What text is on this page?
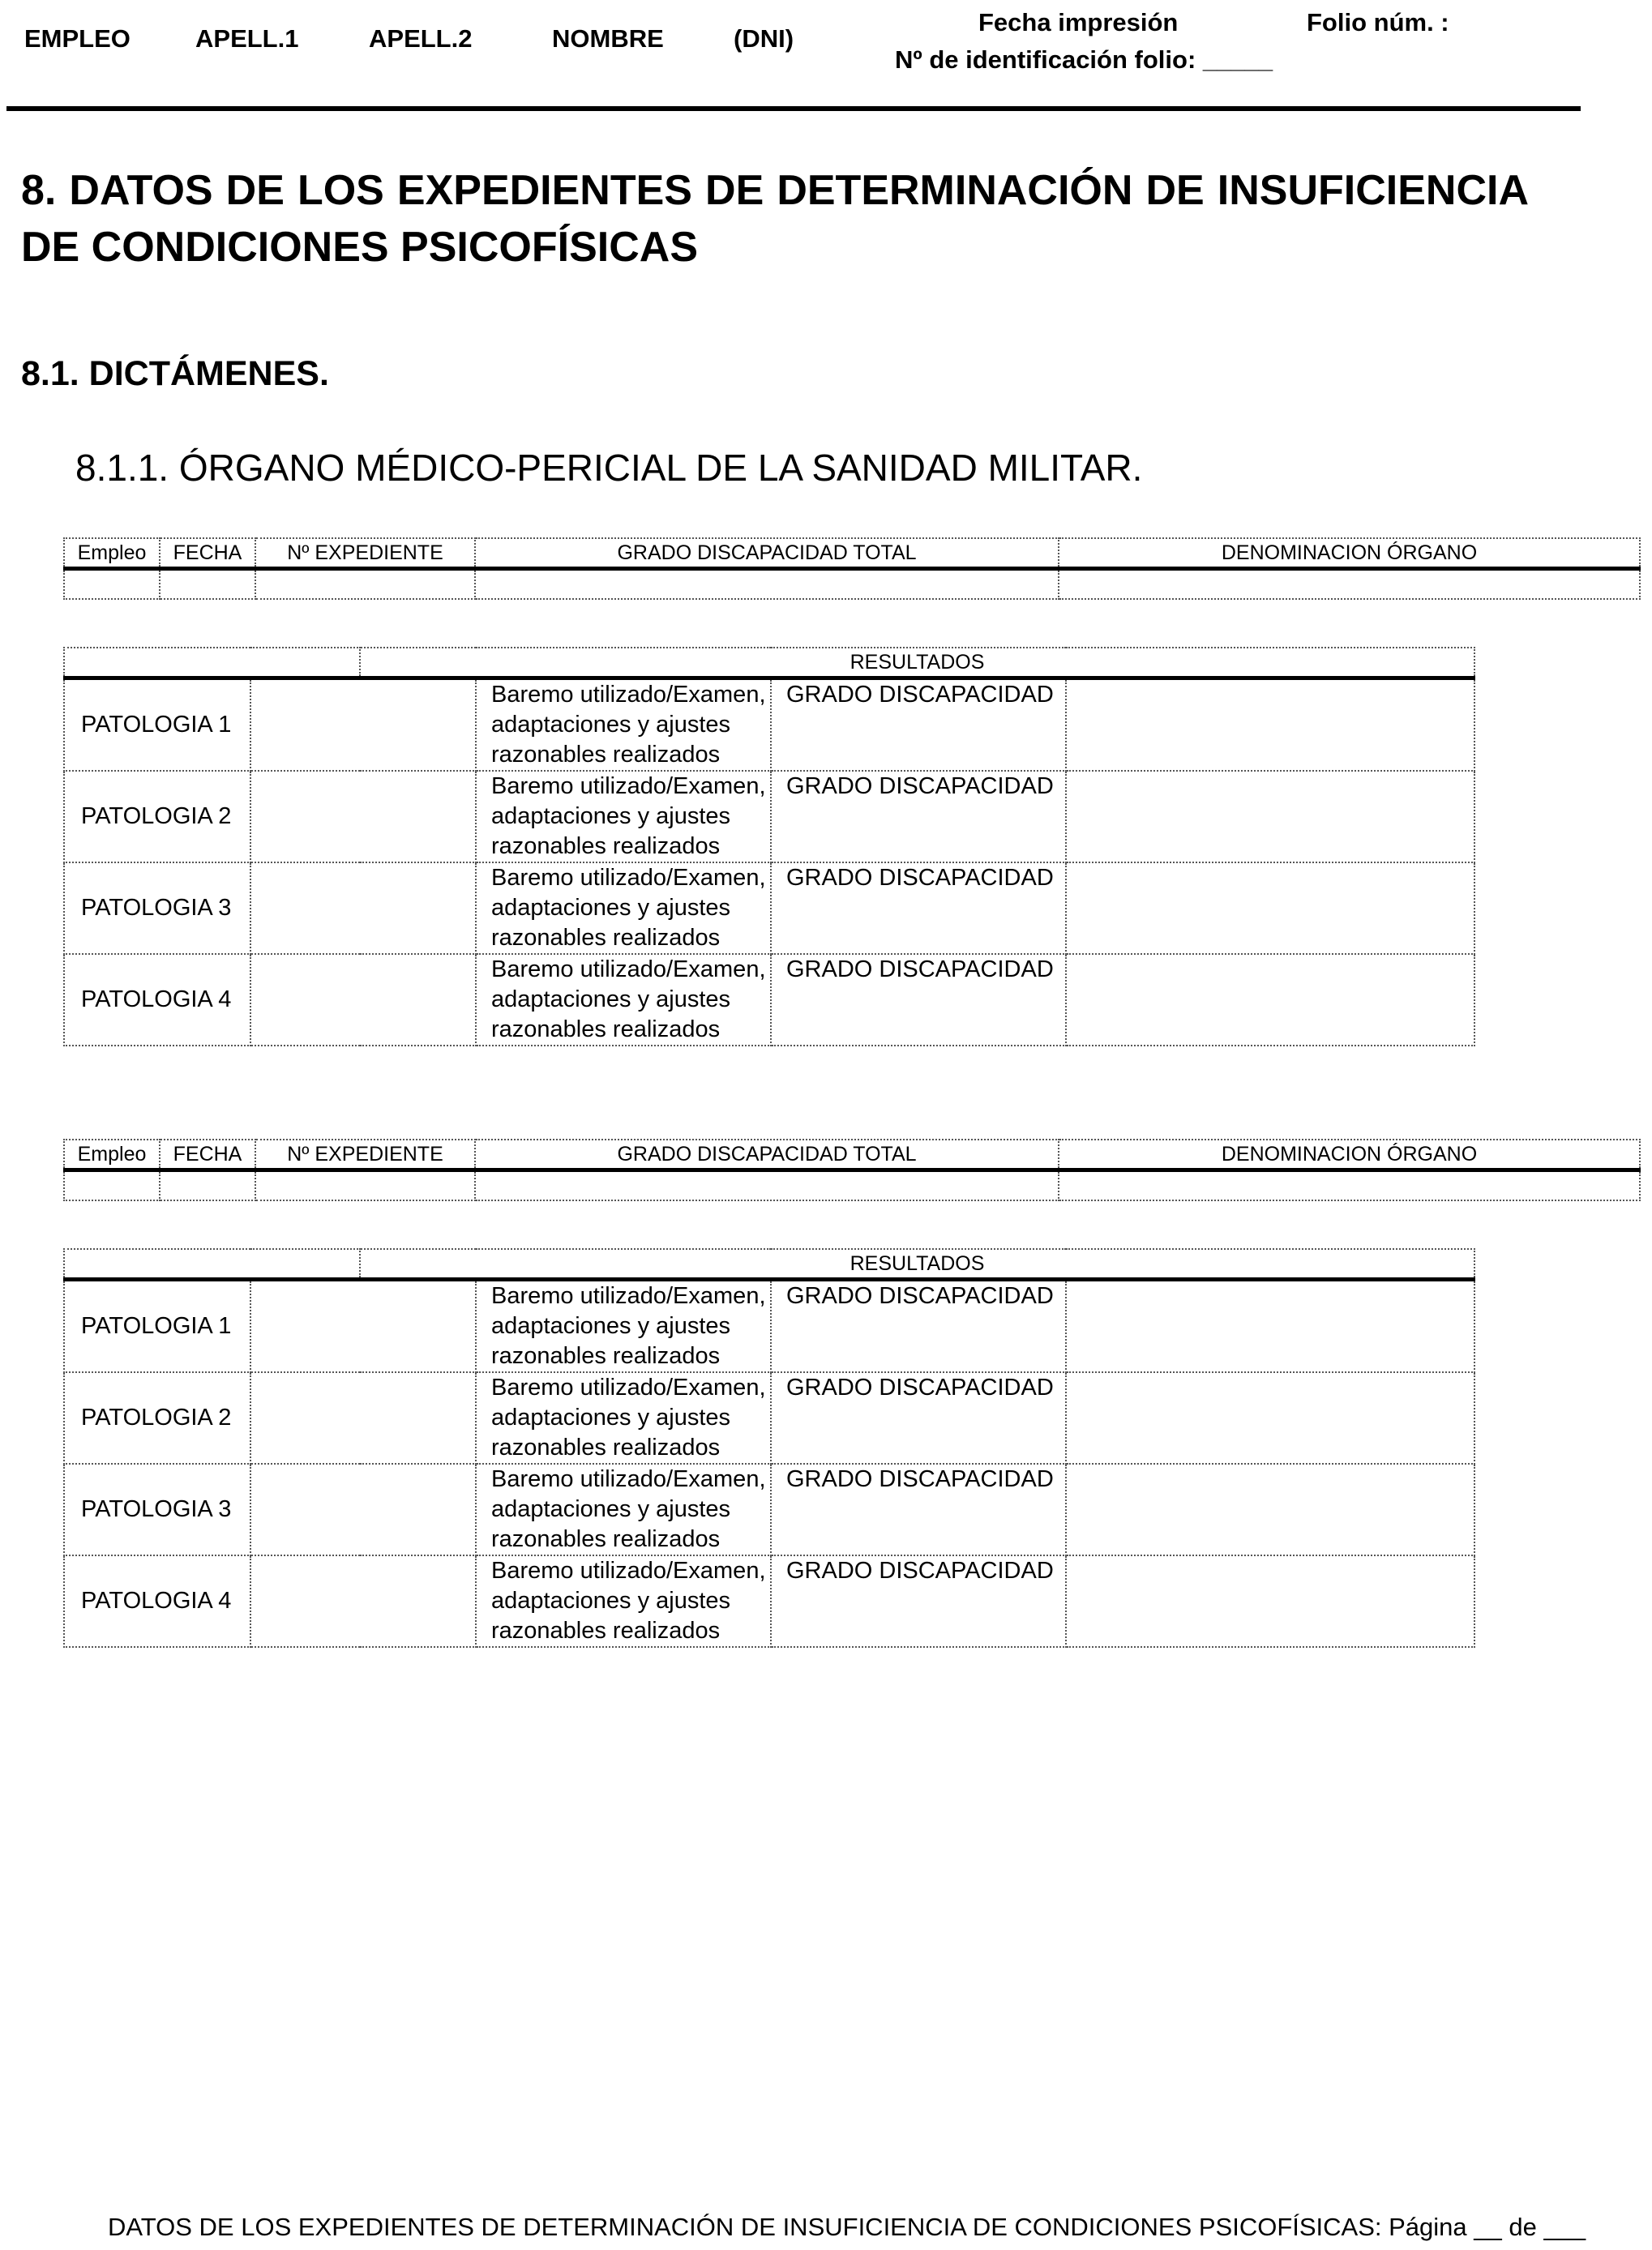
EMPLEO	APELL.1	APELL.2	NOMBRE	(DNI)
Fecha impresión
Nº de identificación folio: _____
Folio núm. :
8. DATOS DE LOS EXPEDIENTES DE DETERMINACIÓN DE INSUFICIENCIA DE CONDICIONES PSICOFÍSICAS
8.1. DICTÁMENES.
8.1.1. ÓRGANO MÉDICO-PERICIAL DE LA SANIDAD MILITAR.
Empleo	FECHA	Nº EXPEDIENTE	GRADO DISCAPACIDAD TOTAL	DENOMINACION ÓRGANO

		RESULTADOS			
PATOLOGIA 1			Baremo utilizado/Examen, adaptaciones y ajustes razonables realizados	GRADO DISCAPACIDAD	
PATOLOGIA 2			Baremo utilizado/Examen, adaptaciones y ajustes razonables realizados	GRADO DISCAPACIDAD	
PATOLOGIA 3			Baremo utilizado/Examen, adaptaciones y ajustes razonables realizados	GRADO DISCAPACIDAD	
PATOLOGIA 4			Baremo utilizado/Examen, adaptaciones y ajustes razonables realizados	GRADO DISCAPACIDAD	
Empleo	FECHA	Nº EXPEDIENTE	GRADO DISCAPACIDAD TOTAL	DENOMINACION ÓRGANO

		RESULTADOS			
PATOLOGIA 1			Baremo utilizado/Examen, adaptaciones y ajustes razonables realizados	GRADO DISCAPACIDAD	
PATOLOGIA 2			Baremo utilizado/Examen, adaptaciones y ajustes razonables realizados	GRADO DISCAPACIDAD	
PATOLOGIA 3			Baremo utilizado/Examen, adaptaciones y ajustes razonables realizados	GRADO DISCAPACIDAD	
PATOLOGIA 4			Baremo utilizado/Examen, adaptaciones y ajustes razonables realizados	GRADO DISCAPACIDAD	
DATOS DE LOS EXPEDIENTES DE DETERMINACIÓN DE INSUFICIENCIA DE CONDICIONES PSICOFÍSICAS: Página __ de ___
